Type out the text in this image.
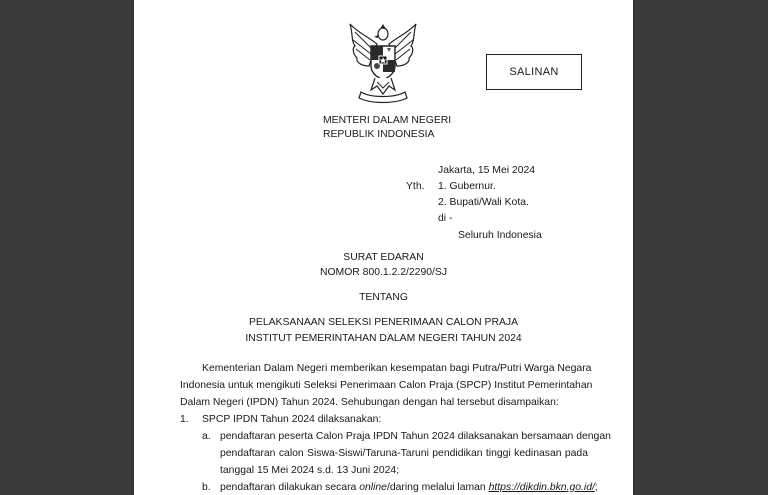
SALINAN
MENTERI DALAM NEGERI
REPUBLIK INDONESIA
Jakarta, 15 Mei 2024
Yth. 1. Gubernur.
2. Bupati/Wali Kota.
di -
Seluruh Indonesia
SURAT EDARAN
NOMOR 800.1.2.2/2290/SJ
TENTANG
PELAKSANAAN SELEKSI PENERIMAAN CALON PRAJA
INSTITUT PEMERINTAHAN DALAM NEGERI TAHUN 2024
Kementerian Dalam Negeri memberikan kesempatan bagi Putra/Putri Warga Negara
Indonesia untuk mengikuti Seleksi Penerimaan Calon Praja (SPCP) Institut Pemerintahan
Dalam Negeri (IPDN) Tahun 2024. Sehubungan dengan hal tersebut disampaikan:
1. SPCP IPDN Tahun 2024 dilaksanakan:
a. pendaftaran peserta Calon Praja IPDN Tahun 2024 dilaksanakan bersamaan dengan
pendaftaran calon Siswa-Siswi/Taruna-Taruni pendidikan tinggi kedinasan pada
tanggal 15 Mei 2024 s.d. 13 Juni 2024;
b. pendaftaran dilakukan secara online/daring melalui laman https://dikdin.bkn.go.id/;
